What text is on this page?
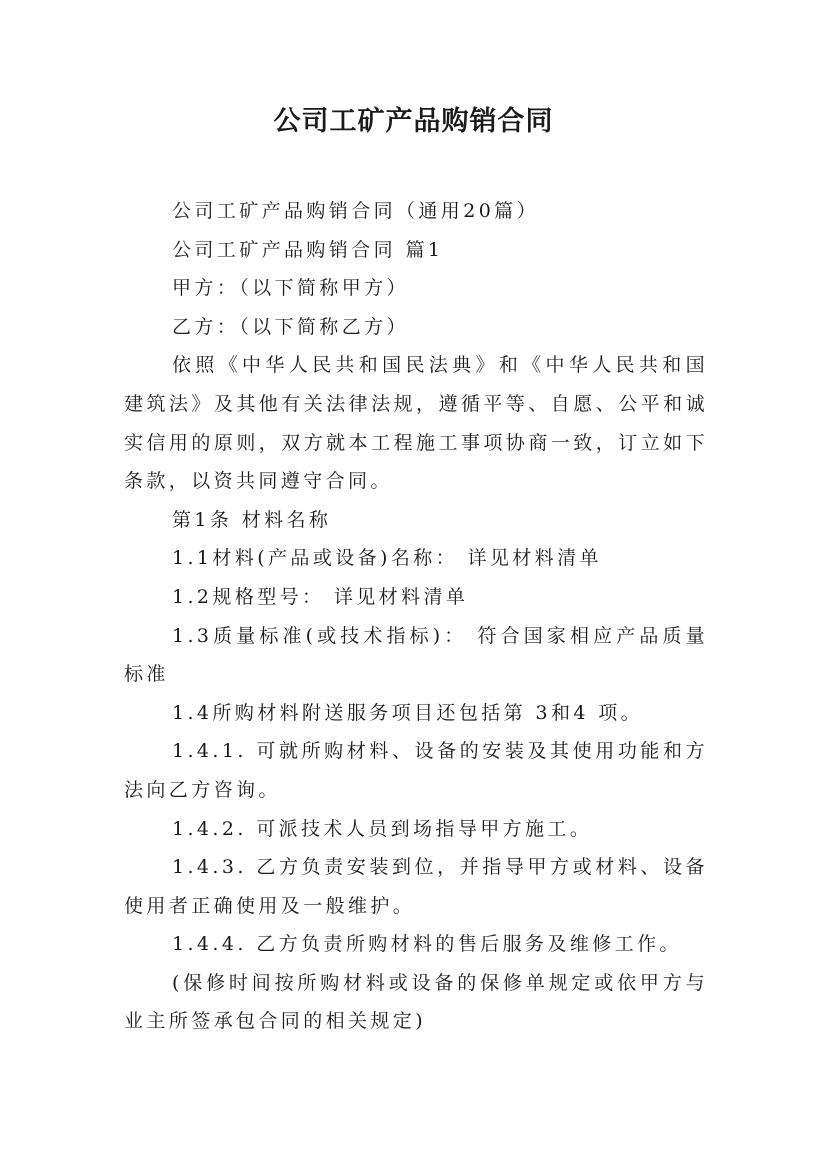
公司工矿产品购销合同

公司工矿产品购销合同（通用20篇）

公司工矿产品购销合同 篇1

甲方：（以下简称甲方）

乙方：（以下简称乙方）

依照《中华人民共和国民法典》和《中华人民共和国建筑法》及其他有关法律法规，遵循平等、自愿、公平和诚实信用的原则，双方就本工程施工事项协商一致，订立如下条款，以资共同遵守合同。

第1条 材料名称

1.1材料(产品或设备)名称： 详见材料清单

1.2规格型号： 详见材料清单

1.3质量标准(或技术指标)： 符合国家相应产品质量标准

1.4所购材料附送服务项目还包括第 3和4 项。

1.4.1. 可就所购材料、设备的安装及其使用功能和方法向乙方咨询。

1.4.2. 可派技术人员到场指导甲方施工。

1.4.3. 乙方负责安装到位，并指导甲方或材料、设备使用者正确使用及一般维护。

1.4.4. 乙方负责所购材料的售后服务及维修工作。

(保修时间按所购材料或设备的保修单规定或依甲方与业主所签承包合同的相关规定)
